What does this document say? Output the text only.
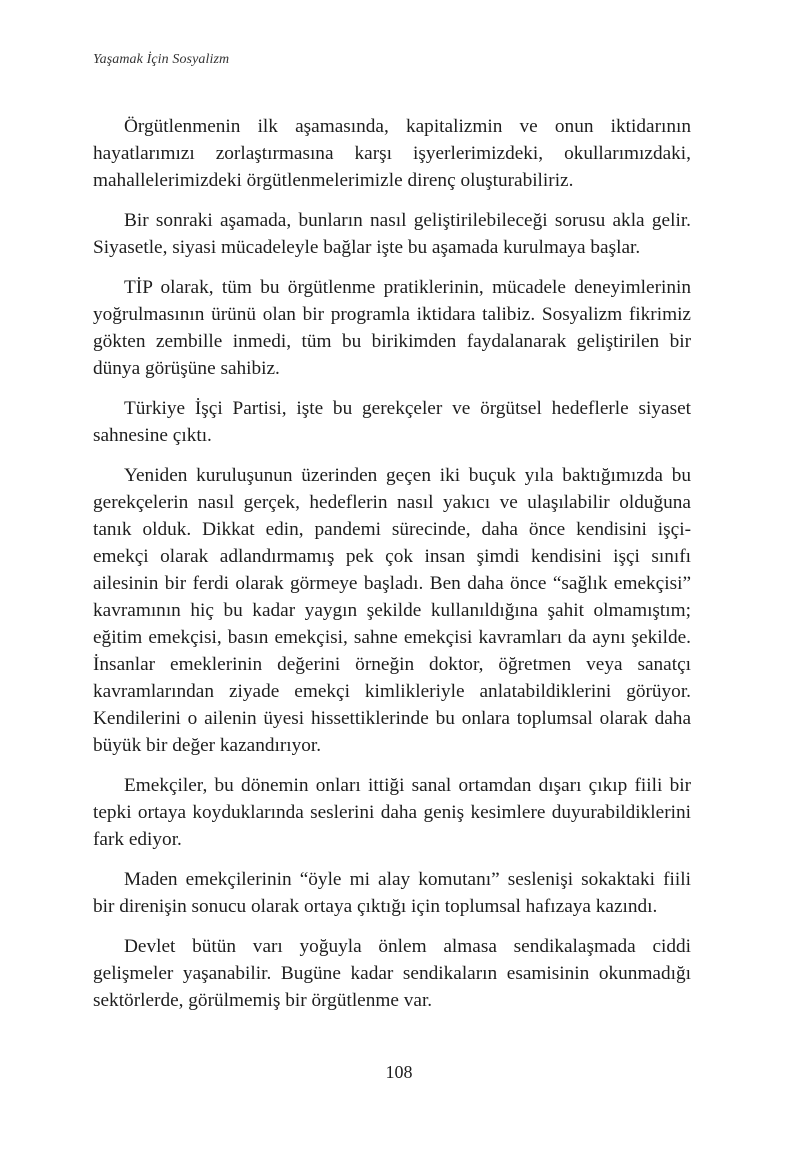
Yaşamak İçin Sosyalizm

Örgütlenmenin ilk aşamasında, kapitalizmin ve onun iktidarının hayatlarımızı zorlaştırmasına karşı işyerlerimizdeki, okullarımızdaki, mahallelerimizdeki örgütlenmelerimizle direnç oluşturabiliriz.

Bir sonraki aşamada, bunların nasıl geliştirilebileceği sorusu akla gelir. Siyasetle, siyasi mücadeleyle bağlar işte bu aşamada kurulmaya başlar.

TİP olarak, tüm bu örgütlenme pratiklerinin, mücadele deneyimlerinin yoğrulmasının ürünü olan bir programla iktidara talibiz. Sosyalizm fikrimiz gökten zembille inmedi, tüm bu birikimden faydalanarak geliştirilen bir dünya görüşüne sahibiz.

Türkiye İşçi Partisi, işte bu gerekçeler ve örgütsel hedeflerle siyaset sahnesine çıktı.

Yeniden kuruluşunun üzerinden geçen iki buçuk yıla baktığımızda bu gerekçelerin nasıl gerçek, hedeflerin nasıl yakıcı ve ulaşılabilir olduğuna tanık olduk. Dikkat edin, pandemi sürecinde, daha önce kendisini işçi-emekçi olarak adlandırmamış pek çok insan şimdi kendisini işçi sınıfı ailesinin bir ferdi olarak görmeye başladı. Ben daha önce “sağlık emekçisi” kavramının hiç bu kadar yaygın şekilde kullanıldığına şahit olmamıştım; eğitim emekçisi, basın emekçisi, sahne emekçisi kavramları da aynı şekilde. İnsanlar emeklerinin değerini örneğin doktor, öğretmen veya sanatçı kavramlarından ziyade emekçi kimlikleriyle anlatabildiklerini görüyor. Kendilerini o ailenin üyesi hissettiklerinde bu onlara toplumsal olarak daha büyük bir değer kazandırıyor.

Emekçiler, bu dönemin onları ittiği sanal ortamdan dışarı çıkıp fiili bir tepki ortaya koyduklarında seslerini daha geniş kesimlere duyurabildiklerini fark ediyor.

Maden emekçilerinin “öyle mi alay komutanı” seslenişi sokaktaki fiili bir direnişin sonucu olarak ortaya çıktığı için toplumsal hafızaya kazındı.

Devlet bütün varı yoğuyla önlem almasa sendikalaşmada ciddi gelişmeler yaşanabilir. Bugüne kadar sendikaların esamisinin okunmadığı sektörlerde, görülmemiş bir örgütlenme var.

108
